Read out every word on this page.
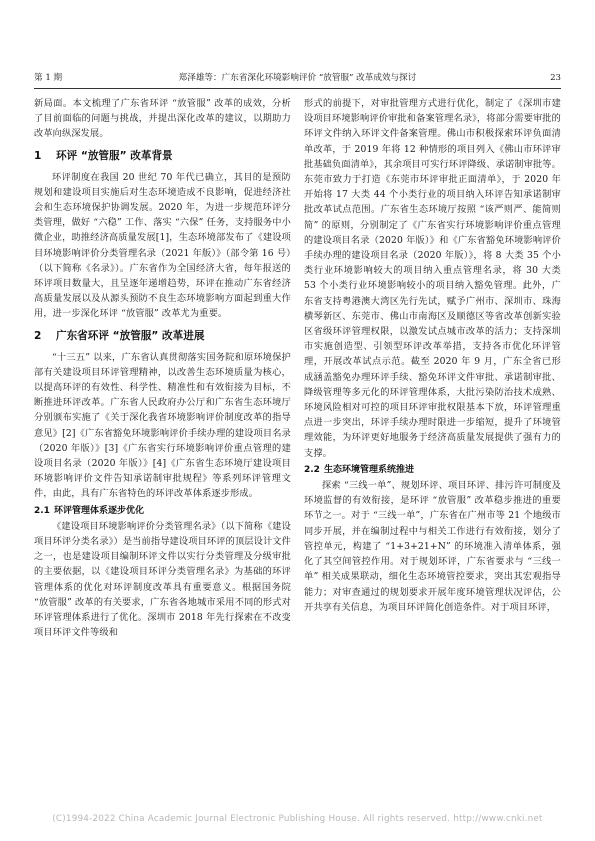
第 1 期	郑泽雄等：广东省深化环境影响评价 “放管服” 改革成效与探讨	23

新局面。本文梳理了广东省环评 “放管服” 改革的成效，分析了目前面临的问题与挑战，并提出深化改革的建议，以期助力改革向纵深发展。

1 环评 “放管服” 改革背景

环评制度在我国 20 世纪 70 年代已确立，其目的是预防规划和建设项目实施后对生态环境造成不良影响，促进经济社会和生态环境保护协调发展。2020 年，为进一步规范环评分类管理，做好 “六稳” 工作、落实 “六保” 任务，支持服务中小微企业，助推经济高质量发展[1]，生态环境部发布了《建设项目环境影响评价分类管理名录（2021 年版）》（部令第 16 号）（以下简称《名录》）。广东省作为全国经济大省，每年报送的环评项目数量大，且呈逐年递增趋势，环评在推动广东省经济高质量发展以及从源头预防不良生态环境影响方面起到重大作用，进一步深化环评 “放管服” 改革尤为重要。

2 广东省环评 “放管服” 改革进展

“十三五” 以来，广东省认真贯彻落实国务院和原环境保护部有关建设项目环评管理精神，以改善生态环境质量为核心，以提高环评的有效性、科学性、精准性和有效衔接为目标，不断推进环评改革。广东省人民政府办公厅和广东省生态环境厅分别颁布实施了《关于深化我省环境影响评价制度改革的指导意见》[2]《广东省豁免环境影响评价手续办理的建设项目名录（2020 年版）》[3]《广东省实行环境影响评价重点管理的建设项目名录（2020 年版）》[4]《广东省生态环境厅建设项目环境影响评价文件告知承诺制审批规程》等系列环评管理文件，由此，具有广东省特色的环评改革体系逐步形成。

2.1 环评管理体系逐步优化

《建设项目环境影响评价分类管理名录》（以下简称《建设项目环评分类名录》）是当前指导建设项目环评的顶层设计文件之一，也是建设项目编制环评文件以实行分类管理及分级审批的主要依据，以《建设项目环评分类管理名录》为基础的环评管理体系的优化对环评制度改革具有重要意义。根据国务院 “放管服” 改革的有关要求，广东省各地城市采用不同的形式对环评管理体系进行了优化。深圳市 2018 年先行探索在不改变项目环评文件等级和

形式的前提下，对审批管理方式进行优化，制定了《深圳市建设项目环境影响评价审批和备案管理名录》，将部分需要审批的环评文件纳入环评文件备案管理。佛山市积极探索环评负面清单改革，于 2019 年将 12 种情形的项目列入《佛山市环评审批基础负面清单》，其余项目可实行环评降级、承诺制审批等。东莞市致力于打造《东莞市环评审批正面清单》，于 2020 年开始将 17 大类 44 个小类行业的项目纳入环评告知承诺制审批改革试点范围。广东省生态环境厅按照 “该严则严、能简则简” 的原则，分别制定了《广东省实行环境影响评价重点管理的建设项目名录（2020 年版）》和《广东省豁免环境影响评价手续办理的建设项目名录（2020 年版）》，将 8 大类 35 个小类行业环境影响较大的项目纳入重点管理名录，将 30 大类 53 个小类行业环境影响较小的项目纳入豁免管理。此外，广东省支持粤港澳大湾区先行先试，赋予广州市、深圳市、珠海横琴新区、东莞市、佛山市南海区及顺德区等省改革创新实验区省级环评管理权限，以激发试点城市改革的活力；支持深圳市实施创造型、引领型环评改革举措，支持各市优化环评管理，开展改革试点示范。截至 2020 年 9 月，广东全省已形成涵盖豁免办理环评手续、豁免环评文件审批、承诺制审批、降级管理等多元化的环评管理体系，大批污染防治技术成熟、环境风险相对可控的项目环评审批权限基本下放，环评管理重点进一步突出，环评手续办理时限进一步缩短，提升了环境管理效能，为环评更好地服务于经济高质量发展提供了强有力的支撑。

2.2 生态环境管理系统推进

探索 “三线一单”、规划环评、项目环评、排污许可制度及环境监督的有效衔接，是环评 “放管服” 改革稳步推进的重要环节之一。对于 “三线一单”，广东省在广州市等 21 个地级市同步开展，并在编制过程中与相关工作进行有效衔接，划分了管控单元，构建了 “1+3+21+N” 的环境准入清单体系，强化了其空间管控作用。对于规划环评，广东省要求与 “三线一单” 相关成果联动，细化生态环境管控要求，突出其宏观指导能力；对审查通过的规划要求开展年度环境管理状况评估，公开共享有关信息，为项目环评简化创造条件。对于项目环评，

(C)1994-2022 China Academic Journal Electronic Publishing House. All rights reserved. http://www.cnki.net
